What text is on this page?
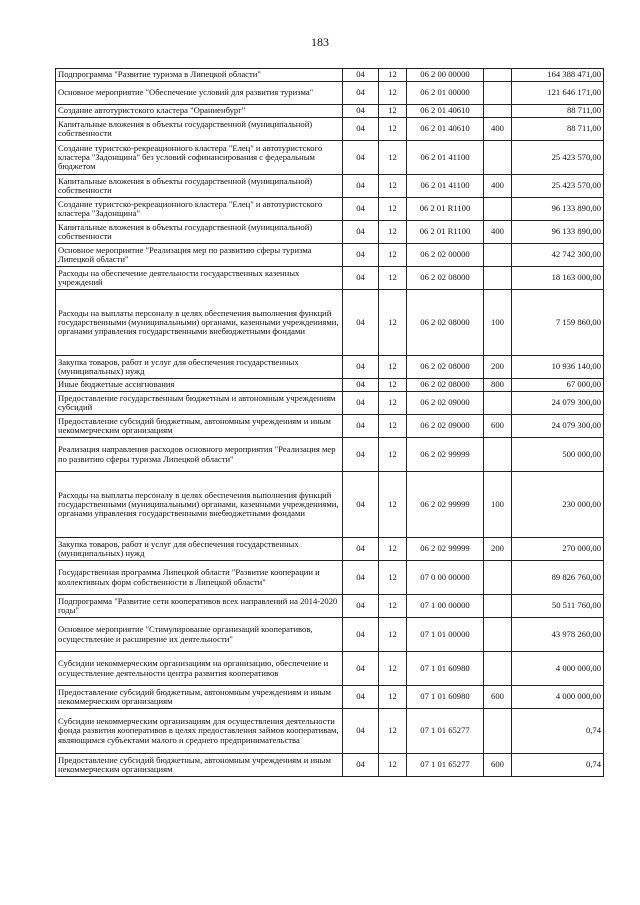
183
Подпрограмма "Развитие туризма в Липецкой области"	04	12	06 2 00 00000		164 388 471,00
Основное мероприятие "Обеспечение условий для развития туризма"	04	12	06 2 01 00000		121 646 171,00
Создание автотуристского кластера "Ораниенбург"	04	12	06 2 01 40610		88 711,00
Капитальные вложения в объекты государственной (муниципальной) собственности	04	12	06 2 01 40610	400	88 711,00
Создание туристско-рекреационного кластера "Елец" и автотуристского кластера "Задонщина" без условий софинансирования с федеральным бюджетом	04	12	06 2 01 41100		25 423 570,00
Капитальные вложения в объекты государственной (муниципальной) собственности	04	12	06 2 01 41100	400	25 423 570,00
Создание туристско-рекреационного кластера "Елец" и автотуристского кластера "Задонщина"	04	12	06 2 01 R1100		96 133 890,00
Капитальные вложения в объекты государственной (муниципальной) собственности	04	12	06 2 01 R1100	400	96 133 890,00
Основное мероприятие "Реализация мер по развитию сферы туризма Липецкой области"	04	12	06 2 02 00000		42 742 300,00
Расходы на обеспечение деятельности государственных казенных учреждений	04	12	06 2 02 08000		18 163 000,00
Расходы на выплаты персоналу в целях обеспечения выполнения функций государственными (муниципальными) органами, казенными учреждениями, органами управления государственными внебюджетными фондами	04	12	06 2 02 08000	100	7 159 860,00
Закупка товаров, работ и услуг для обеспечения государственных (муниципальных) нужд	04	12	06 2 02 08000	200	10 936 140,00
Иные бюджетные ассигнования	04	12	06 2 02 08000	800	67 000,00
Предоставление государственным бюджетным и автономным учреждениям субсидий	04	12	06 2 02 09000		24 079 300,00
Предоставление субсидий бюджетным, автономным учреждениям и иным некоммерческим организациям	04	12	06 2 02 09000	600	24 079 300,00
Реализация направления расходов основного мероприятия "Реализация мер по развитию сферы туризма Липецкой области"	04	12	06 2 02 99999		500 000,00
Расходы на выплаты персоналу в целях обеспечения выполнения функций государственными (муниципальными) органами, казенными учреждениями, органами управления государственными внебюджетными фондами	04	12	06 2 02 99999	100	230 000,00
Закупка товаров, работ и услуг для обеспечения государственных (муниципальных) нужд	04	12	06 2 02 99999	200	270 000,00
Государственная программа Липецкой области "Развитие кооперации и коллективных форм собственности в Липецкой области"	04	12	07 0 00 00000		89 826 760,00
Подпрограмма "Развитие сети кооперативов всех направлений на 2014-2020 годы"	04	12	07 1 00 00000		50 511 760,00
Основное мероприятие "Стимулирование организаций кооперативов, осуществление и расширение их деятельности"	04	12	07 1 01 00000		43 978 260,00
Субсидии некоммерческим организациям на организацию, обеспечение и осуществление деятельности центра развития кооперативов	04	12	07 1 01 60980		4 000 000,00
Предоставление субсидий бюджетным, автономным учреждениям и иным некоммерческим организациям	04	12	07 1 01 60980	600	4 000 000,00
Субсидии некоммерческим организациям для осуществления деятельности фонда развития кооперативов в целях предоставления займов кооперативам, являющимся субъектами малого и среднего предпринимательства	04	12	07 1 01 65277		0,74
Предоставление субсидий бюджетным, автономным учреждениям и иным некоммерческим организациям	04	12	07 1 01 65277	600	0,74
